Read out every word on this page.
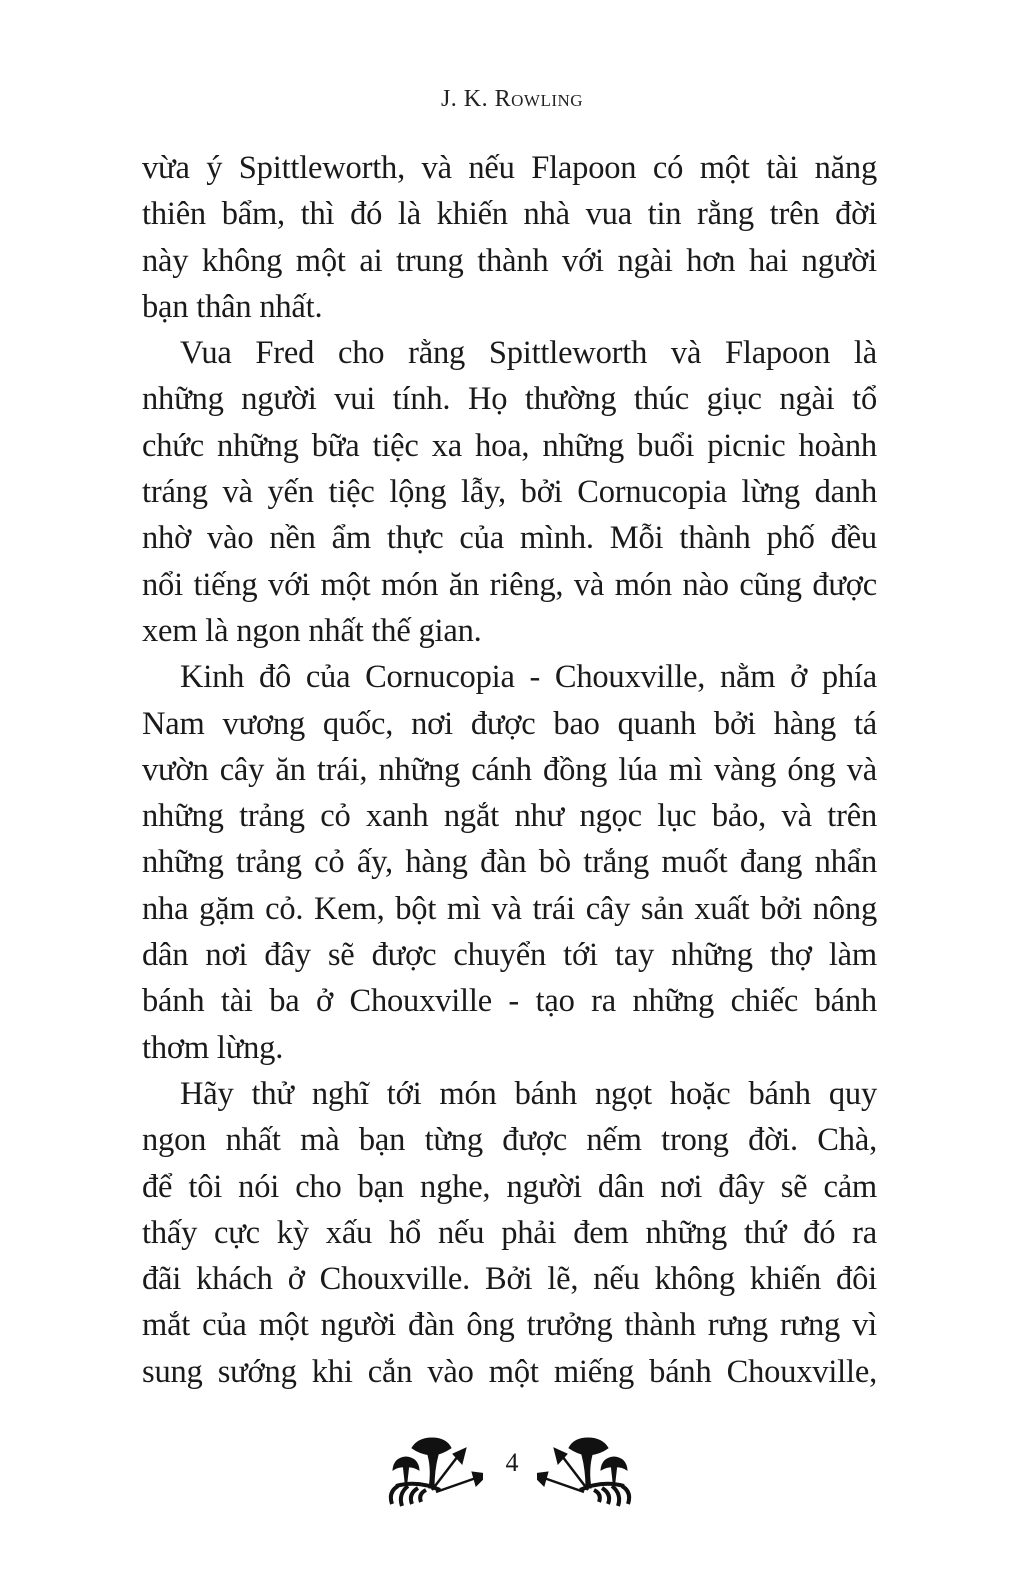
J. K. Rowling

vừa ý Spittleworth, và nếu Flapoon có một tài năng
thiên bẩm, thì đó là khiến nhà vua tin rằng trên đời
này không một ai trung thành với ngài hơn hai người
bạn thân nhất.

Vua Fred cho rằng Spittleworth và Flapoon là
những người vui tính. Họ thường thúc giục ngài tổ
chức những bữa tiệc xa hoa, những buổi picnic hoành
tráng và yến tiệc lộng lẫy, bởi Cornucopia lừng danh
nhờ vào nền ẩm thực của mình. Mỗi thành phố đều
nổi tiếng với một món ăn riêng, và món nào cũng được
xem là ngon nhất thế gian.

Kinh đô của Cornucopia - Chouxville, nằm ở phía
Nam vương quốc, nơi được bao quanh bởi hàng tá
vườn cây ăn trái, những cánh đồng lúa mì vàng óng và
những trảng cỏ xanh ngắt như ngọc lục bảo, và trên
những trảng cỏ ấy, hàng đàn bò trắng muốt đang nhẩn
nha gặm cỏ. Kem, bột mì và trái cây sản xuất bởi nông
dân nơi đây sẽ được chuyển tới tay những thợ làm
bánh tài ba ở Chouxville - tạo ra những chiếc bánh
thơm lừng.

Hãy thử nghĩ tới món bánh ngọt hoặc bánh quy
ngon nhất mà bạn từng được nếm trong đời. Chà,
để tôi nói cho bạn nghe, người dân nơi đây sẽ cảm
thấy cực kỳ xấu hổ nếu phải đem những thứ đó ra
đãi khách ở Chouxville. Bởi lẽ, nếu không khiến đôi
mắt của một người đàn ông trưởng thành rưng rưng vì
sung sướng khi cắn vào một miếng bánh Chouxville,

4
